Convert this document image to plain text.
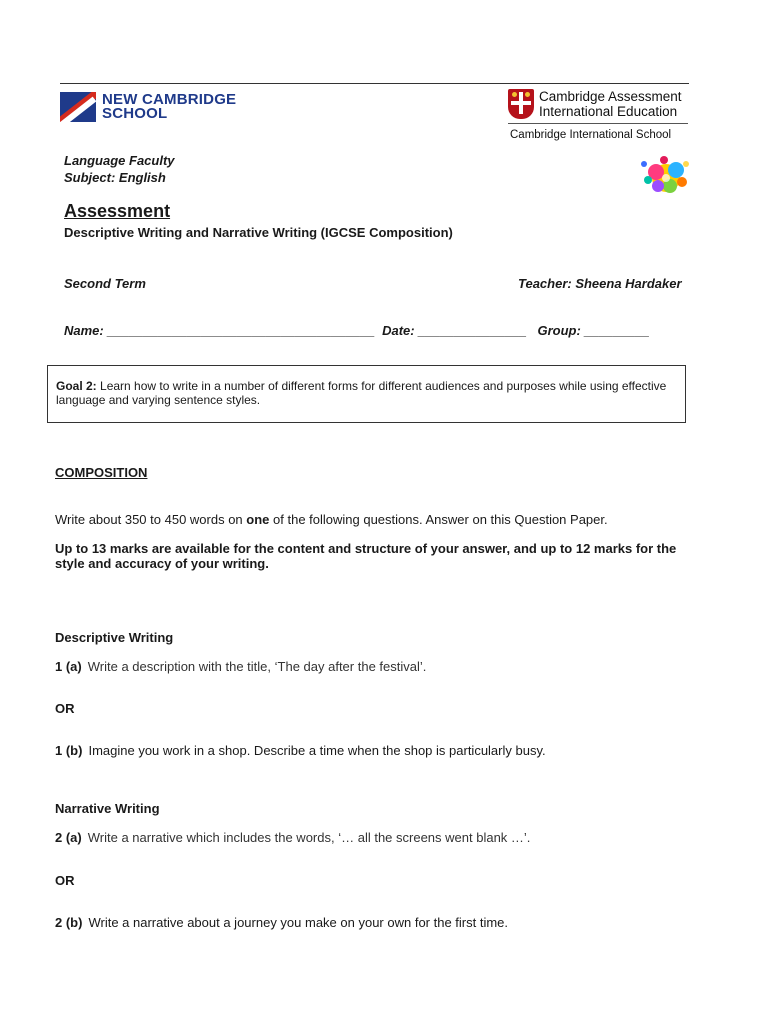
NEW CAMBRIDGE
SCHOOL
Cambridge Assessment
International Education
Cambridge International School
Language Faculty
Subject: English
Assessment
Descriptive Writing and Narrative Writing (IGCSE Composition)
Second Term	Teacher: Sheena Hardaker
Name: _____________________________________  Date: _______________   Group: _________
Goal 2: Learn how to write in a number of different forms for different audiences and purposes while using effective language and varying sentence styles.
COMPOSITION
Write about 350 to 450 words on one of the following questions. Answer on this Question Paper.
Up to 13 marks are available for the content and structure of your answer, and up to 12 marks for the style and accuracy of your writing.
Descriptive Writing
1 (a) Write a description with the title, ‘The day after the festival’.
OR
1 (b) Imagine you work in a shop. Describe a time when the shop is particularly busy.
Narrative Writing
2 (a) Write a narrative which includes the words, ‘… all the screens went blank …’.
OR
2 (b) Write a narrative about a journey you make on your own for the first time.
